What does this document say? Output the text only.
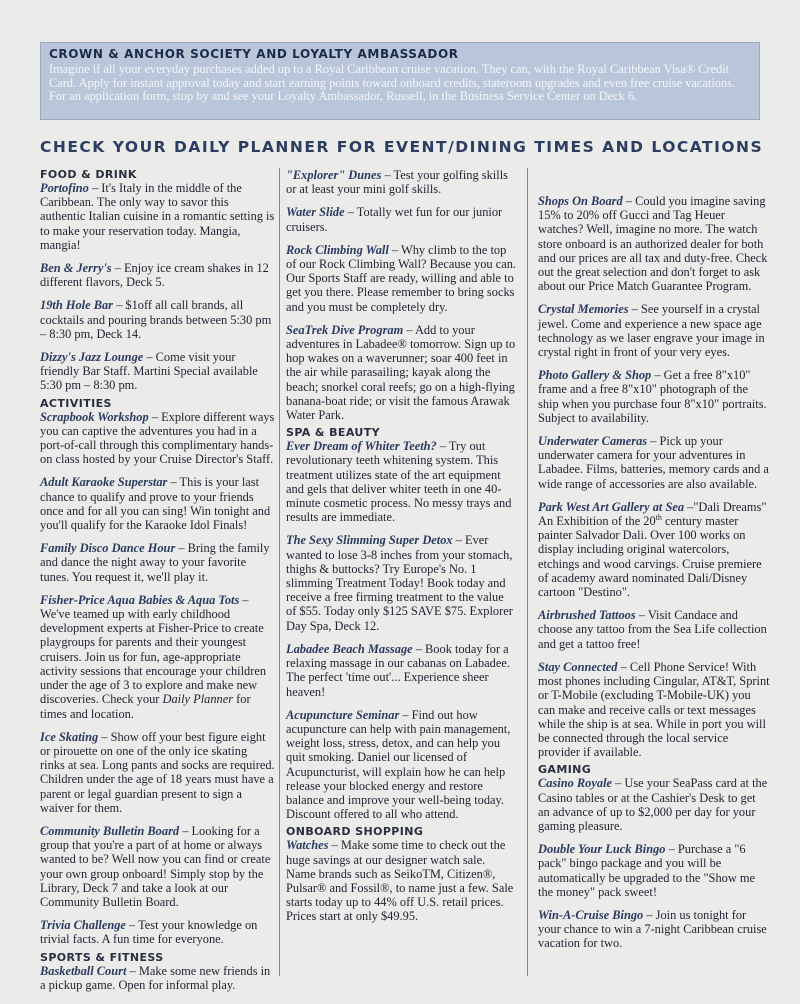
CROWN & ANCHOR SOCIETY AND LOYALTY AMBASSADOR
Imagine if all your everyday purchases added up to a Royal Caribbean cruise vacation. They can, with the Royal Caribbean Visa® Credit Card. Apply for instant approval today and start earning points toward onboard credits, stateroom upgrades and even free cruise vacations. For an application form, stop by and see your Loyalty Ambassador, Russell, in the Business Service Center on Deck 6.
CHECK YOUR DAILY PLANNER FOR EVENT/DINING TIMES AND LOCATIONS

FOOD & DRINK

Portofino – It's Italy in the middle of the Caribbean. The only way to savor this authentic Italian cuisine in a romantic setting is to make your reservation today. Mangia, mangia!

Ben & Jerry's – Enjoy ice cream shakes in 12 different flavors, Deck 5.

19th Hole Bar – $1off all call brands, all cocktails and pouring brands between 5:30 pm – 8:30 pm, Deck 14.

Dizzy's Jazz Lounge – Come visit your friendly Bar Staff. Martini Special available 5:30 pm – 8:30 pm.

ACTIVITIES

Scrapbook Workshop – Explore different ways you can captive the adventures you had in a port-of-call through this complimentary hands-on class hosted by your Cruise Director's Staff.

Adult Karaoke Superstar – This is your last chance to qualify and prove to your friends once and for all you can sing! Win tonight and you'll qualify for the Karaoke Idol Finals!

Family Disco Dance Hour – Bring the family and dance the night away to your favorite tunes. You request it, we'll play it.

Fisher-Price Aqua Babies & Aqua Tots – We've teamed up with early childhood development experts at Fisher-Price to create playgroups for parents and their youngest cruisers. Join us for fun, age-appropriate activity sessions that encourage your children under the age of 3 to explore and make new discoveries. Check your Daily Planner for times and location.

Ice Skating – Show off your best figure eight or pirouette on one of the only ice skating rinks at sea. Long pants and socks are required. Children under the age of 18 years must have a parent or legal guardian present to sign a waiver for them.

Community Bulletin Board – Looking for a group that you're a part of at home or always wanted to be? Well now you can find or create your own group onboard! Simply stop by the Library, Deck 7 and take a look at our Community Bulletin Board.

Trivia Challenge – Test your knowledge on trivial facts. A fun time for everyone.

SPORTS & FITNESS

Basketball Court – Make some new friends in a pickup game. Open for informal play.

"Explorer" Dunes – Test your golfing skills or at least your mini golf skills.

Water Slide – Totally wet fun for our junior cruisers.

Rock Climbing Wall – Why climb to the top of our Rock Climbing Wall? Because you can. Our Sports Staff are ready, willing and able to get you there. Please remember to bring socks and you must be completely dry.

SeaTrek Dive Program – Add to your adventures in Labadee® tomorrow. Sign up to hop wakes on a waverunner; soar 400 feet in the air while parasailing; kayak along the beach; snorkel coral reefs; go on a high-flying banana-boat ride; or visit the famous Arawak Water Park.

SPA & BEAUTY

Ever Dream of Whiter Teeth? – Try out revolutionary teeth whitening system. This treatment utilizes state of the art equipment and gels that deliver whiter teeth in one 40-minute cosmetic process. No messy trays and results are immediate.

The Sexy Slimming Super Detox – Ever wanted to lose 3-8 inches from your stomach, thighs & buttocks? Try Europe's No. 1 slimming Treatment Today! Book today and receive a free firming treatment to the value of $55. Today only $125 SAVE $75. Explorer Day Spa, Deck 12.

Labadee Beach Massage – Book today for a relaxing massage in our cabanas on Labadee. The perfect 'time out'... Experience sheer heaven!

Acupuncture Seminar – Find out how acupuncture can help with pain management, weight loss, stress, detox, and can help you quit smoking. Daniel our licensed of Acupuncturist, will explain how he can help release your blocked energy and restore balance and improve your well-being today. Discount offered to all who attend.

ONBOARD SHOPPING

Watches – Make some time to check out the huge savings at our designer watch sale. Name brands such as SeikoTM, Citizen®, Pulsar® and Fossil®, to name just a few. Sale starts today up to 44% off U.S. retail prices. Prices start at only $49.95.

Shops On Board – Could you imagine saving 15% to 20% off Gucci and Tag Heuer watches? Well, imagine no more. The watch store onboard is an authorized dealer for both and our prices are all tax and duty-free. Check out the great selection and don't forget to ask about our Price Match Guarantee Program.

Crystal Memories – See yourself in a crystal jewel. Come and experience a new space age technology as we laser engrave your image in crystal right in front of your very eyes.

Photo Gallery & Shop – Get a free 8"x10" frame and a free 8"x10" photograph of the ship when you purchase four 8"x10" portraits. Subject to availability.

Underwater Cameras – Pick up your underwater camera for your adventures in Labadee. Films, batteries, memory cards and a wide range of accessories are also available.

Park West Art Gallery at Sea –"Dali Dreams" An Exhibition of the 20th century master painter Salvador Dali. Over 100 works on display including original watercolors, etchings and wood carvings. Cruise premiere of academy award nominated Dali/Disney cartoon "Destino".

Airbrushed Tattoos – Visit Candace and choose any tattoo from the Sea Life collection and get a tattoo free!

Stay Connected – Cell Phone Service! With most phones including Cingular, AT&T, Sprint or T-Mobile (excluding T-Mobile-UK) you can make and receive calls or text messages while the ship is at sea. While in port you will be connected through the local service provider if available.

GAMING

Casino Royale – Use your SeaPass card at the Casino tables or at the Cashier's Desk to get an advance of up to $2,000 per day for your gaming pleasure.

Double Your Luck Bingo – Purchase a "6 pack" bingo package and you will be automatically be upgraded to the "Show me the money" pack sweet!

Win-A-Cruise Bingo – Join us tonight for your chance to win a 7-night Caribbean cruise vacation for two.
